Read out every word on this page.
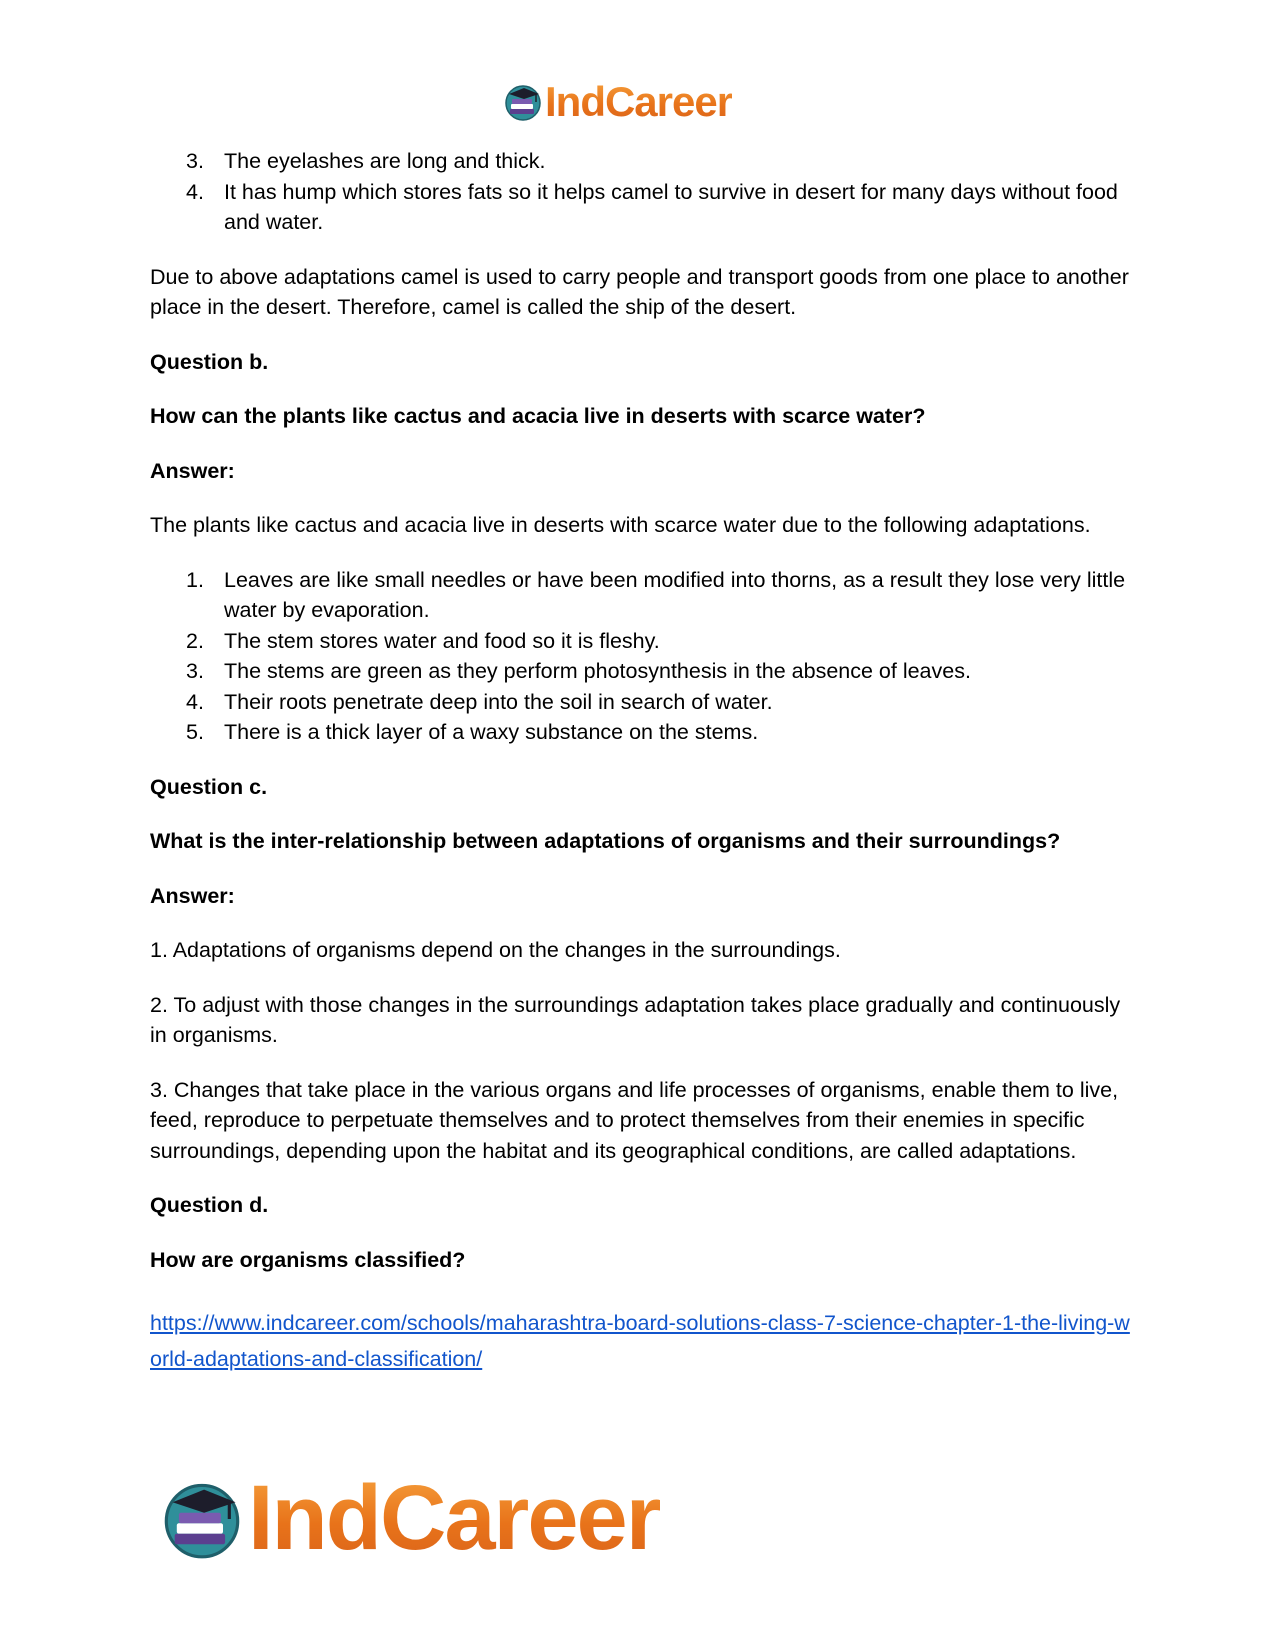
IndCareer
3. The eyelashes are long and thick.
4. It has hump which stores fats so it helps camel to survive in desert for many days without food and water.

Due to above adaptations camel is used to carry people and transport goods from one place to another place in the desert. Therefore, camel is called the ship of the desert.

Question b.

How can the plants like cactus and acacia live in deserts with scarce water?

Answer:

The plants like cactus and acacia live in deserts with scarce water due to the following adaptations.

1. Leaves are like small needles or have been modified into thorns, as a result they lose very little water by evaporation.
2. The stem stores water and food so it is fleshy.
3. The stems are green as they perform photosynthesis in the absence of leaves.
4. Their roots penetrate deep into the soil in search of water.
5. There is a thick layer of a waxy substance on the stems.

Question c.

What is the inter-relationship between adaptations of organisms and their surroundings?

Answer:

1. Adaptations of organisms depend on the changes in the surroundings.

2. To adjust with those changes in the surroundings adaptation takes place gradually and continuously in organisms.

3. Changes that take place in the various organs and life processes of organisms, enable them to live, feed, reproduce to perpetuate themselves and to protect themselves from their enemies in specific surroundings, depending upon the habitat and its geographical conditions, are called adaptations.

Question d.

How are organisms classified?

https://www.indcareer.com/schools/maharashtra-board-solutions-class-7-science-chapter-1-the-living-world-adaptations-and-classification/
IndCareer
